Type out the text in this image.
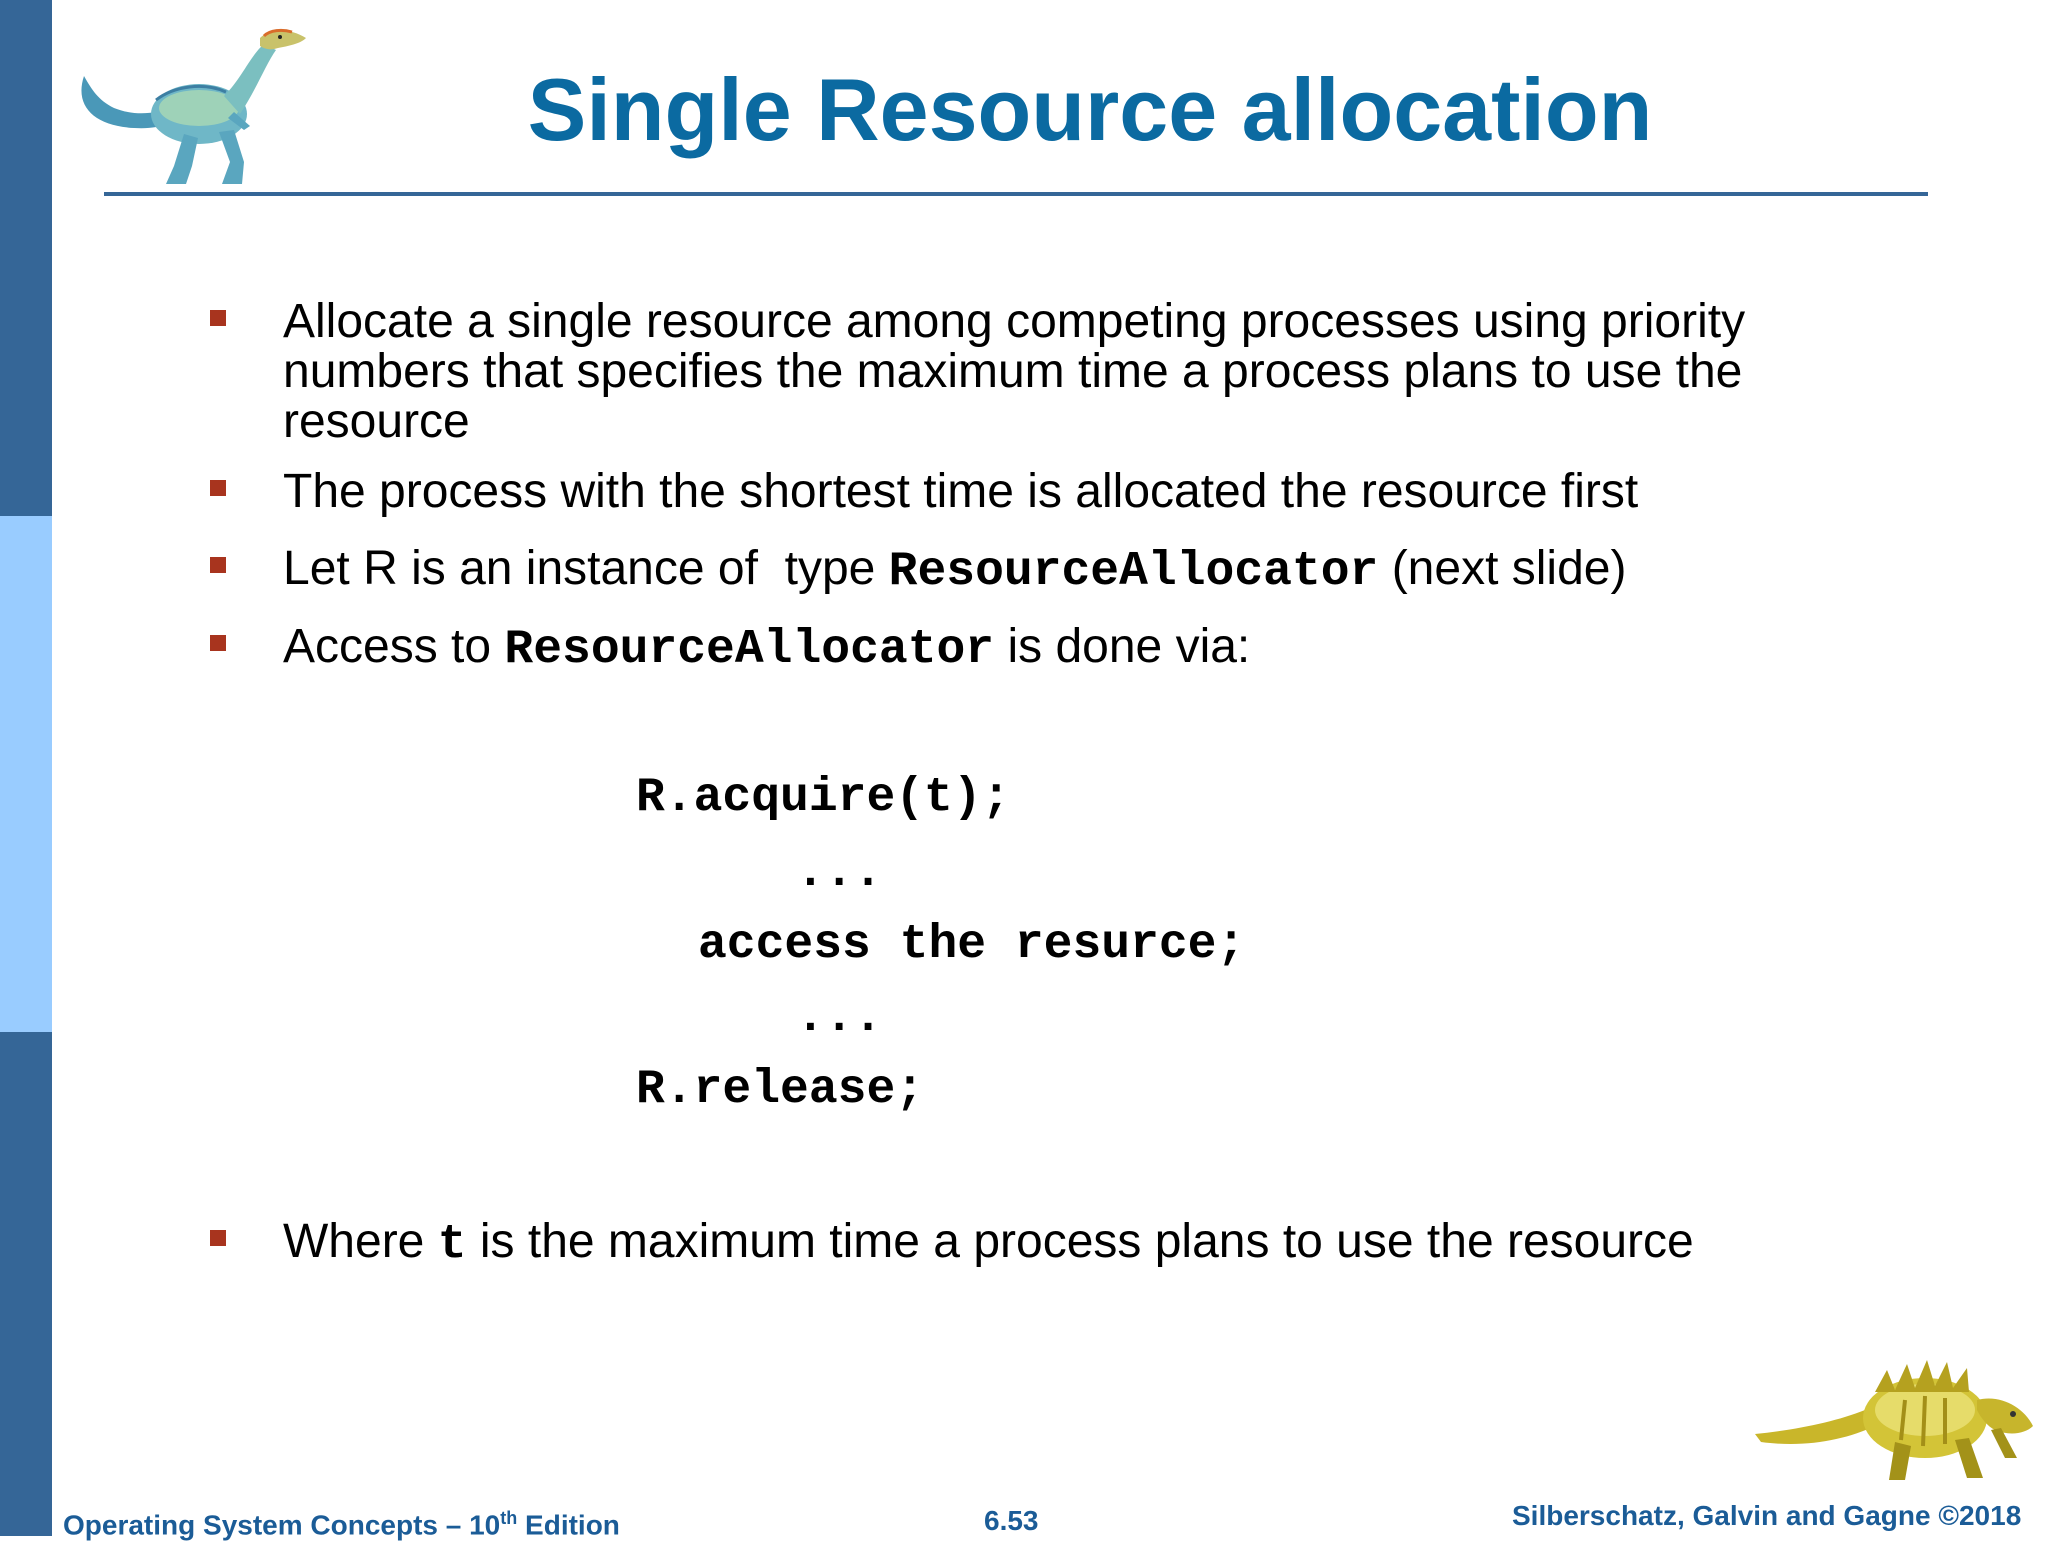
Single Resource allocation
Allocate a single resource among competing processes using priority
numbers that specifies the maximum time a process plans to use the
resource
The process with the shortest time is allocated the resource first
Let R is an instance of  type ResourceAllocator (next slide)
Access to ResourceAllocator is done via:
R.acquire(t);
...
access the resurce;
...
R.release;
Where t is the maximum time a process plans to use the resource
Operating System Concepts – 10th Edition	6.53	Silberschatz, Galvin and Gagne ©2018
